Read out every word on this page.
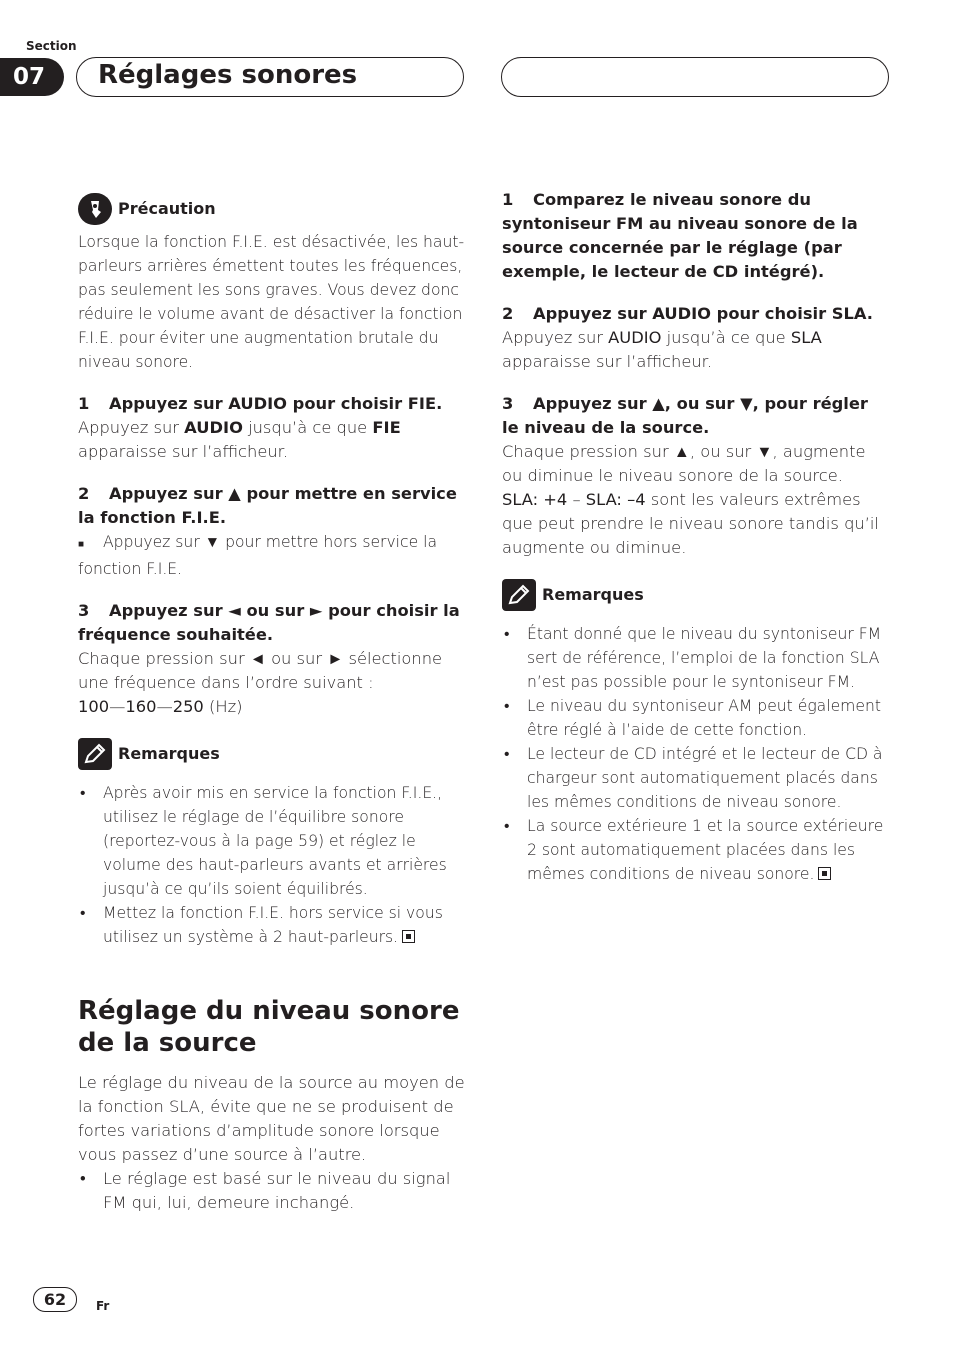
Section
07	Réglages sonores
Précaution

Lorsque la fonction F.I.E. est désactivée, les haut-parleurs arrières émettent toutes les fréquences, pas seulement les sons graves. Vous devez donc réduire le volume avant de désactiver la fonction F.I.E. pour éviter une augmentation brutale du niveau sonore.

1 Appuyez sur AUDIO pour choisir FIE.

Appuyez sur AUDIO jusqu’à ce que FIE apparaisse sur l’afficheur.

2 Appuyez sur ▲ pour mettre en service la fonction F.I.E.

■ Appuyez sur ▼ pour mettre hors service la fonction F.I.E.

3 Appuyez sur ◄ ou sur ► pour choisir la fréquence souhaitée.

Chaque pression sur ◄ ou sur ► sélectionne une fréquence dans l’ordre suivant :

100—160—250 (Hz)

Remarques
• Après avoir mis en service la fonction F.I.E., utilisez le réglage de l’équilibre sonore (reportez-vous à la page 59) et réglez le volume des haut-parleurs avants et arrières jusqu’à ce qu’ils soient équilibrés.
• Mettez la fonction F.I.E. hors service si vous utilisez un système à 2 haut-parleurs.
Réglage du niveau sonore de la source

Le réglage du niveau de la source au moyen de la fonction SLA, évite que ne se produisent de fortes variations d’amplitude sonore lorsque vous passez d’une source à l’autre.

• Le réglage est basé sur le niveau du signal FM qui, lui, demeure inchangé.

1 Comparez le niveau sonore du syntoniseur FM au niveau sonore de la source concernée par le réglage (par exemple, le lecteur de CD intégré).

2 Appuyez sur AUDIO pour choisir SLA.

Appuyez sur AUDIO jusqu’à ce que SLA apparaisse sur l’afficheur.

3 Appuyez sur ▲, ou sur ▼, pour régler le niveau de la source.

Chaque pression sur ▲, ou sur ▼, augmente ou diminue le niveau sonore de la source.

SLA: +4 – SLA: –4 sont les valeurs extrêmes que peut prendre le niveau sonore tandis qu’il augmente ou diminue.

Remarques
• Étant donné que le niveau du syntoniseur FM sert de référence, l’emploi de la fonction SLA n’est pas possible pour le syntoniseur FM.
• Le niveau du syntoniseur AM peut également être réglé à l’aide de cette fonction.
• Le lecteur de CD intégré et le lecteur de CD à chargeur sont automatiquement placés dans les mêmes conditions de niveau sonore.
• La source extérieure 1 et la source extérieure 2 sont automatiquement placées dans les mêmes conditions de niveau sonore.
62	Fr
